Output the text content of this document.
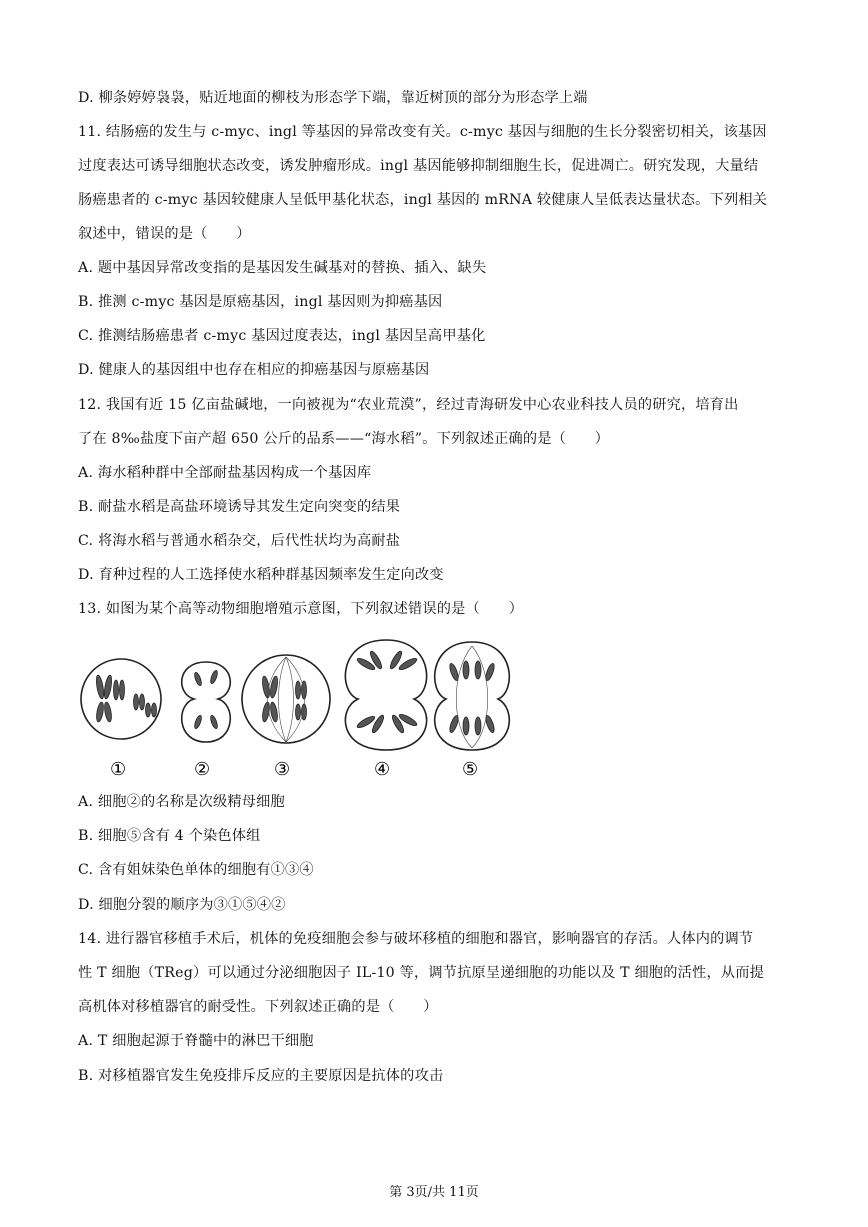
D. 柳条婷婷袅袅，贴近地面的柳枝为形态学下端，靠近树顶的部分为形态学上端
11. 结肠癌的发生与 c-myc、ingl 等基因的异常改变有关。c-myc 基因与细胞的生长分裂密切相关，该基因
过度表达可诱导细胞状态改变，诱发肿瘤形成。ingl 基因能够抑制细胞生长，促进凋亡。研究发现，大量结
肠癌患者的 c-myc 基因较健康人呈低甲基化状态，ingl 基因的 mRNA 较健康人呈低表达量状态。下列相关
叙述中，错误的是（　　）
A. 题中基因异常改变指的是基因发生碱基对的替换、插入、缺失
B. 推测 c-myc 基因是原癌基因，ingl 基因则为抑癌基因
C. 推测结肠癌患者 c-myc 基因过度表达，ingl 基因呈高甲基化
D. 健康人的基因组中也存在相应的抑癌基因与原癌基因
12. 我国有近 15 亿亩盐碱地，一向被视为“农业荒漠”，经过青海研发中心农业科技人员的研究，培育出
了在 8‰盐度下亩产超 650 公斤的品系——“海水稻”。下列叙述正确的是（　　）
A. 海水稻种群中全部耐盐基因构成一个基因库
B. 耐盐水稻是高盐环境诱导其发生定向突变的结果
C. 将海水稻与普通水稻杂交，后代性状均为高耐盐
D. 育种过程的人工选择使水稻种群基因频率发生定向改变
13. 如图为某个高等动物细胞增殖示意图，下列叙述错误的是（　　）
①	②	③	④	⑤
A. 细胞②的名称是次级精母细胞
B. 细胞⑤含有 4 个染色体组
C. 含有姐妹染色单体的细胞有①③④
D. 细胞分裂的顺序为③①⑤④②
14. 进行器官移植手术后，机体的免疫细胞会参与破坏移植的细胞和器官，影响器官的存活。人体内的调节
性 T 细胞（TReg）可以通过分泌细胞因子 IL-10 等，调节抗原呈递细胞的功能以及 T 细胞的活性，从而提
高机体对移植器官的耐受性。下列叙述正确的是（　　）
A. T 细胞起源于脊髓中的淋巴干细胞
B. 对移植器官发生免疫排斥反应的主要原因是抗体的攻击
第 3页/共 11页
